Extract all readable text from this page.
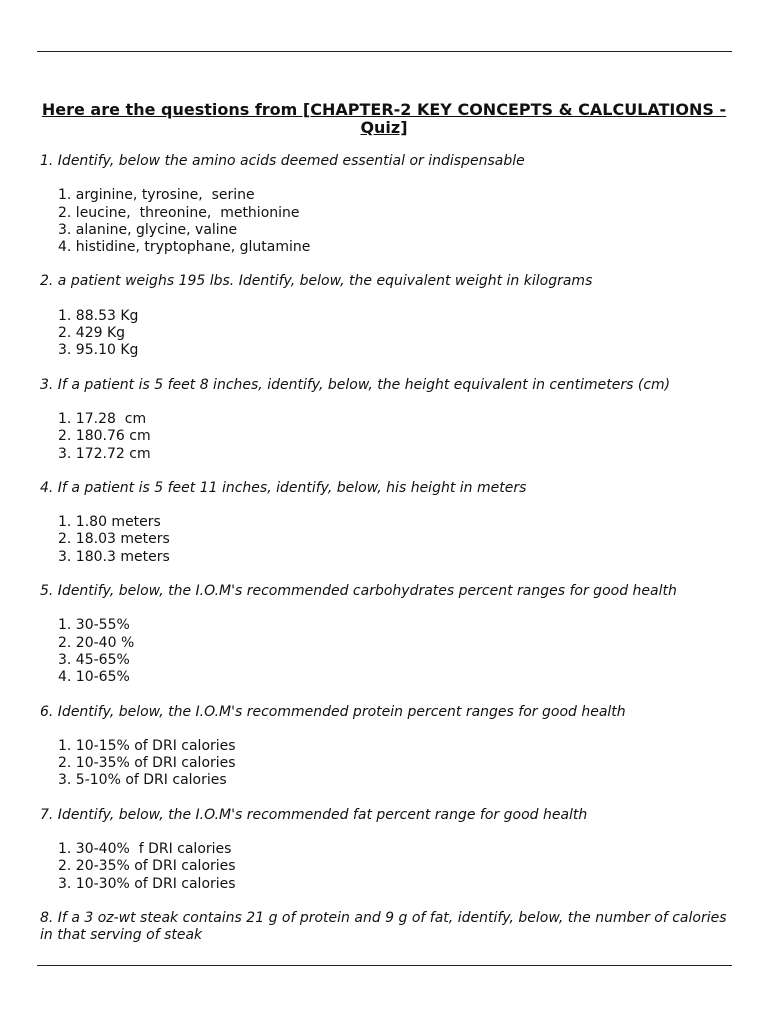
Here are the questions from [CHAPTER-2 KEY CONCEPTS & CALCULATIONS - Quiz]

1. Identify, below the amino acids deemed essential or indispensable

1. arginine, tyrosine,  serine
2. leucine,  threonine,  methionine
3. alanine, glycine, valine
4. histidine, tryptophane, glutamine

2. a patient weighs 195 lbs. Identify, below, the equivalent weight in kilograms

1. 88.53 Kg
2. 429 Kg
3. 95.10 Kg

3. If a patient is 5 feet 8 inches, identify, below, the height equivalent in centimeters (cm)

1. 17.28  cm
2. 180.76 cm
3. 172.72 cm

4. If a patient is 5 feet 11 inches, identify, below, his height in meters

1. 1.80 meters
2. 18.03 meters
3. 180.3 meters

5. Identify, below, the I.O.M's recommended carbohydrates percent ranges for good health

1. 30-55%
2. 20-40 %
3. 45-65%
4. 10-65%

6. Identify, below, the I.O.M's recommended protein percent ranges for good health

1. 10-15% of DRI calories
2. 10-35% of DRI calories
3. 5-10% of DRI calories

7. Identify, below, the I.O.M's recommended fat percent range for good health

1. 30-40%  f DRI calories
2. 20-35% of DRI calories
3. 10-30% of DRI calories

8. If a 3 oz-wt steak contains 21 g of protein and 9 g of fat, identify, below, the number of calories in that serving of steak
